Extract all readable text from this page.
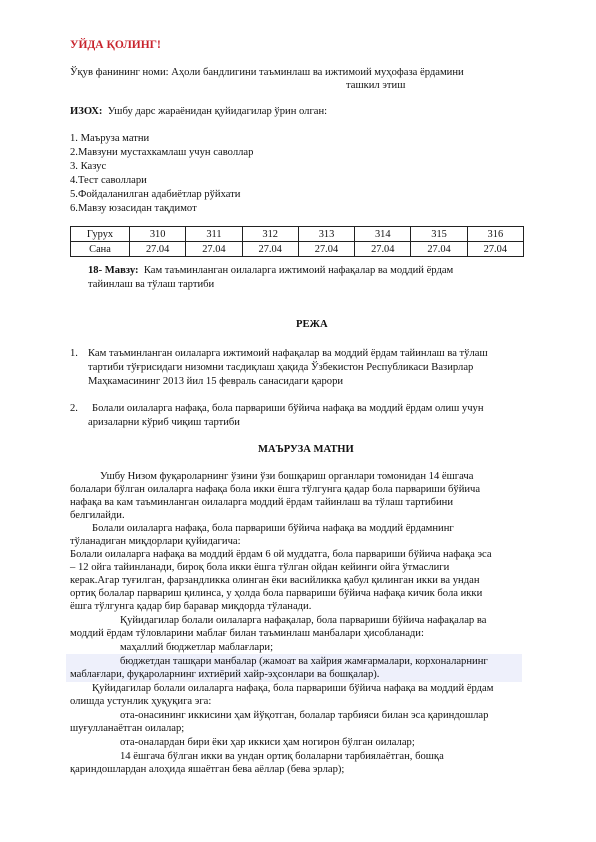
УЙДА ҚОЛИНГ!
Ўқув фанининг номи: Аҳоли бандлигини таъминлаш ва ижтимоий муҳофаза ёрдамини
ташкил этиш
ИЗОХ: Ушбу дарс жараёнидан қуйидагилар ўрин олган:
1. Маъруза матни
2.Мавзуни мустахкамлаш учун саволлар
3. Казус
4.Тест саволлари
5.Фойдаланилган адабиётлар рўйхати
6.Мавзу юзасидан тақдимот
Гурух	310	311	312	313	314	315	316
Сана	27.04	27.04	27.04	27.04	27.04	27.04	27.04
18- Мавзу: Кам таъминланган оилаларга ижтимоий нафақалар ва моддий ёрдам
тайинлаш ва тўлаш тартиби
РЕЖА
1. Кам таъминланган оилаларга ижтимоий нафақалар ва моддий ёрдам тайинлаш ва тўлаш
тартиби тўғрисидаги низомни тасдиқлаш ҳақида Ўзбекистон Республикаси Вазирлар
Маҳкамасининг 2013 йил 15 февраль санасидаги қарори
2. Болали оилаларга нафақа, бола парвариши бўйича нафақа ва моддий ёрдам олиш учун
аризаларни кўриб чиқиш тартиби
МАЪРУЗА МАТНИ
Ушбу Низом фуқароларнинг ўзини ўзи бошқариш органлари томонидан 14 ёшгача
болалари бўлган оилаларга нафақа бола икки ёшга тўлгунга қадар бола парвариши бўйича
нафақа ва кам таъминланган оилаларга моддий ёрдам тайинлаш ва тўлаш тартибини
белгилайди.
Болали оилаларга нафақа, бола парвариши бўйича нафақа ва моддий ёрдамнинг
тўланадиган миқдорлари қуйидагича:
Болали оилаларга нафақа ва моддий ёрдам 6 ой муддатга, бола парвариши бўйича нафақа эса
– 12 ойга тайинланади, бироқ бола икки ёшга тўлган ойдан кейинги ойга ўтмаслиги
керак.Агар туғилган, фарзандликка олинган ёки васийликка қабул қилинган икки ва ундан
ортиқ болалар парвариш қилинса, у ҳолда бола парвариши бўйича нафақа кичик бола икки
ёшга тўлгунга қадар бир баравар миқдорда тўланади.
Қуйидагилар болали оилаларга нафақалар, бола парвариши бўйича нафақалар ва
моддий ёрдам тўловларини маблағ билан таъминлаш манбалари ҳисобланади:
маҳаллий бюджетлар маблағлари;
бюджетдан ташқари манбалар (жамоат ва хайрия жамғармалари, корхоналарнинг
маблағлари, фуқароларнинг ихтиёрий хайр-эҳсонлари ва бошқалар).
Қуйидагилар болали оилаларга нафақа, бола парвариши бўйича нафақа ва моддий ёрдам
олишда устунлик ҳуқуқига эга:
ота-онасининг иккисини ҳам йўқотган, болалар тарбияси билан эса қариндошлар
шуғулланаётган оилалар;
ота-оналардан бири ёки ҳар иккиси ҳам ногирон бўлган оилалар;
14 ёшгача бўлган икки ва ундан ортиқ болаларни тарбиялаётган, бошқа
қариндошлардан алоҳида яшаётган бева аёллар (бева эрлар);
